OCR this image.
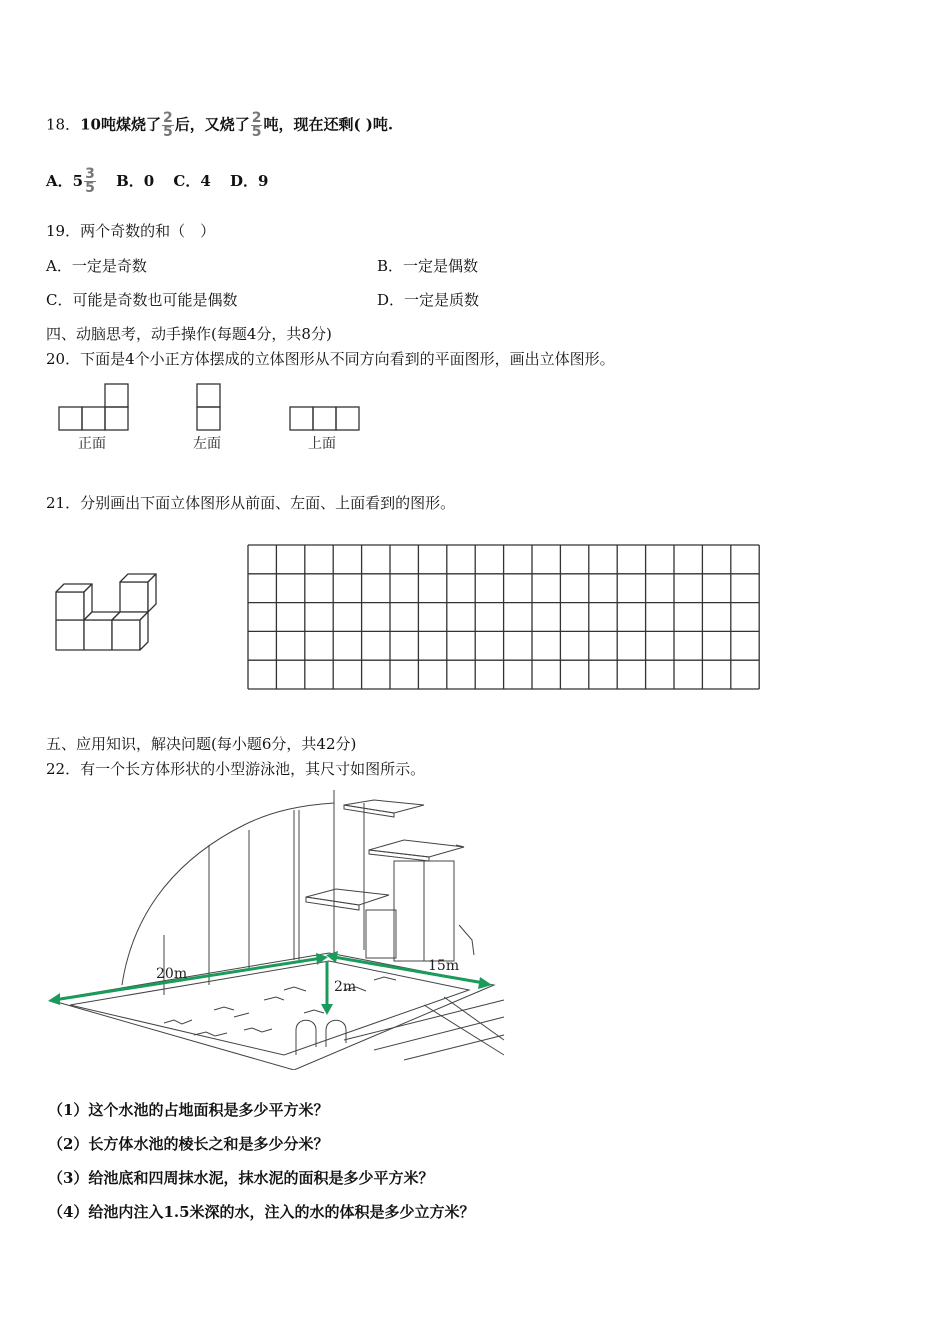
18．10吨煤烧了 $\frac{2}{5}$ 后，又烧了 $\frac{2}{5}$ 吨，现在还剩( )吨.
A．$5 \frac{3}{5}$ B．0 C．4 D．9
19．两个奇数的和（　）
A．一定是奇数	B．一定是偶数
C．可能是奇数也可能是偶数	D．一定是质数
四、动脑思考，动手操作(每题4分，共8分)
20．下面是4个小正方体摆成的立体图形从不同方向看到的平面图形，画出立体图形。
正面	左面	上面
21．分别画出下面立体图形从前面、左面、上面看到的图形。
五、应用知识，解决问题(每小题6分，共42分)
22．有一个长方体形状的小型游泳池，其尺寸如图所示。
20m	15m
2m
（1）这个水池的占地面积是多少平方米？
（2）长方体水池的棱长之和是多少分米？
（3）给池底和四周抹水泥，抹水泥的面积是多少平方米？
（4）给池内注入1.5米深的水，注入的水的体积是多少立方米？
